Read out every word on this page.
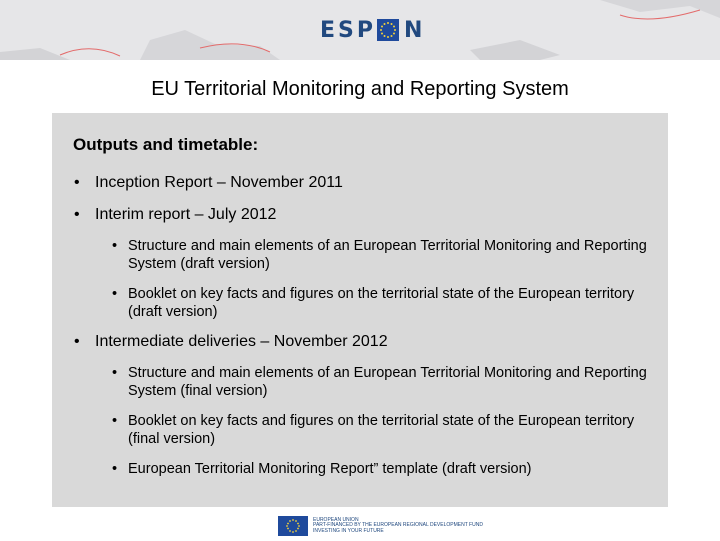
ESP N
EU Territorial Monitoring and Reporting System
Outputs and timetable:
• Inception Report – November 2011
• Interim report – July 2012
• Structure and main elements of an European Territorial Monitoring and Reporting System (draft version)
• Booklet on key facts and figures on the territorial state of the European territory (draft version)
• Intermediate deliveries – November 2012
• Structure and main elements of an European Territorial Monitoring and Reporting System (final version)
• Booklet on key facts and figures on the territorial state of the European territory (final version)
• European Territorial Monitoring Report” template (draft version)
EUROPEAN UNION
PART-FINANCED BY THE EUROPEAN REGIONAL DEVELOPMENT FUND
INVESTING IN YOUR FUTURE
